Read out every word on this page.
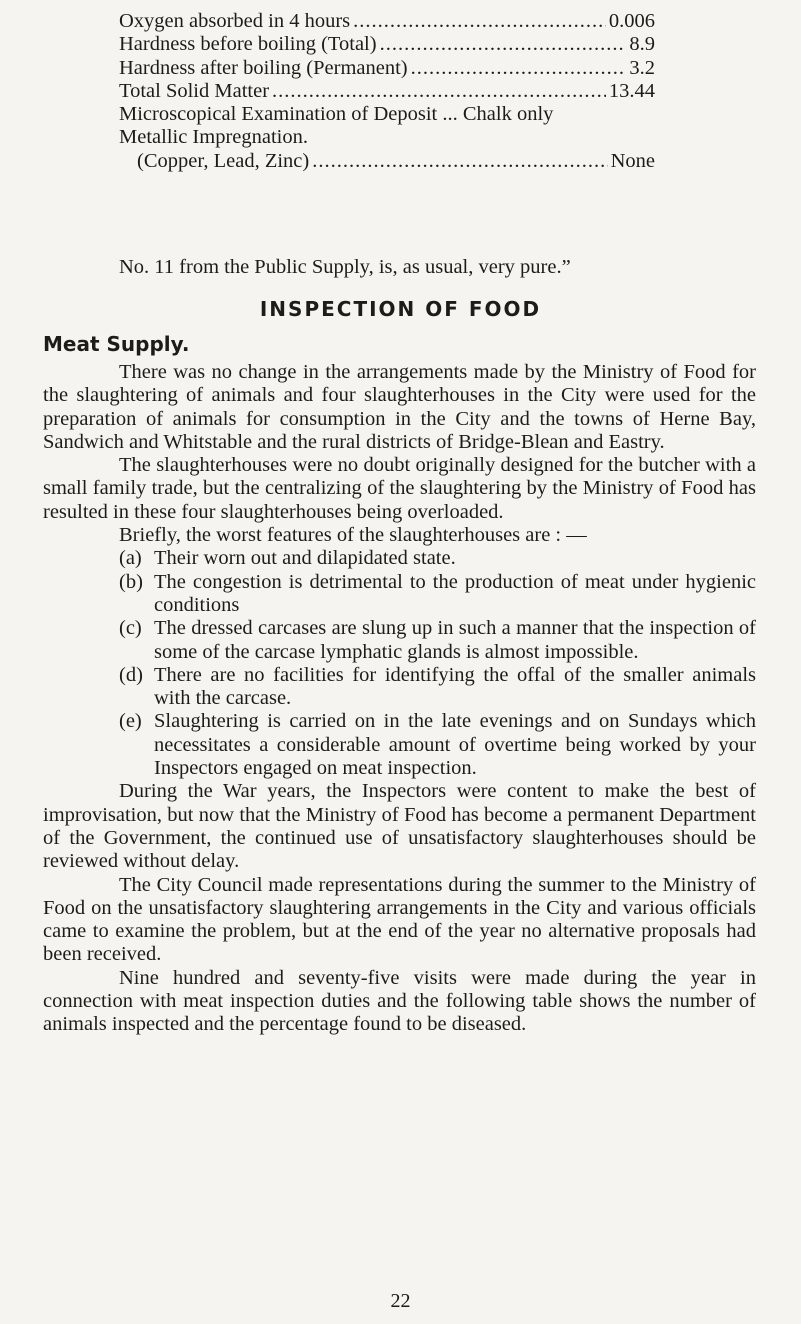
Oxygen absorbed in 4 hours .....	0.006
Hardness before boiling (Total) .....	8.9
Hardness after boiling (Permanent) .....	3.2
Total Solid Matter .....	13.44
Microscopical Examination of Deposit ... Chalk only
Metallic Impregnation.
(Copper, Lead, Zinc) .....	None
No. 11 from the Public Supply, is, as usual, very pure.”
INSPECTION OF FOOD
Meat Supply.

There was no change in the arrangements made by the Ministry of Food for the slaughtering of animals and four slaughterhouses in the City were used for the preparation of animals for consumption in the City and the towns of Herne Bay, Sandwich and Whitstable and the rural districts of Bridge-Blean and Eastry.

The slaughterhouses were no doubt originally designed for the butcher with a small family trade, but the centralizing of the slaughtering by the Ministry of Food has resulted in these four slaughterhouses being overloaded.

Briefly, the worst features of the slaughterhouses are : —

(a) Their worn out and dilapidated state.
(b) The congestion is detrimental to the production of meat under hygienic conditions
(c) The dressed carcases are slung up in such a manner that the inspection of some of the carcase lymphatic glands is almost impossible.
(d) There are no facilities for identifying the offal of the smaller animals with the carcase.
(e) Slaughtering is carried on in the late evenings and on Sundays which necessitates a considerable amount of overtime being worked by your Inspectors engaged on meat inspection.

During the War years, the Inspectors were content to make the best of improvisation, but now that the Ministry of Food has become a permanent Department of the Government, the continued use of unsatisfactory slaughterhouses should be reviewed without delay.

The City Council made representations during the summer to the Ministry of Food on the unsatisfactory slaughtering arrangements in the City and various officials came to examine the problem, but at the end of the year no alternative proposals had been received.

Nine hundred and seventy-five visits were made during the year in connection with meat inspection duties and the following table shows the number of animals inspected and the percentage found to be diseased.

22
